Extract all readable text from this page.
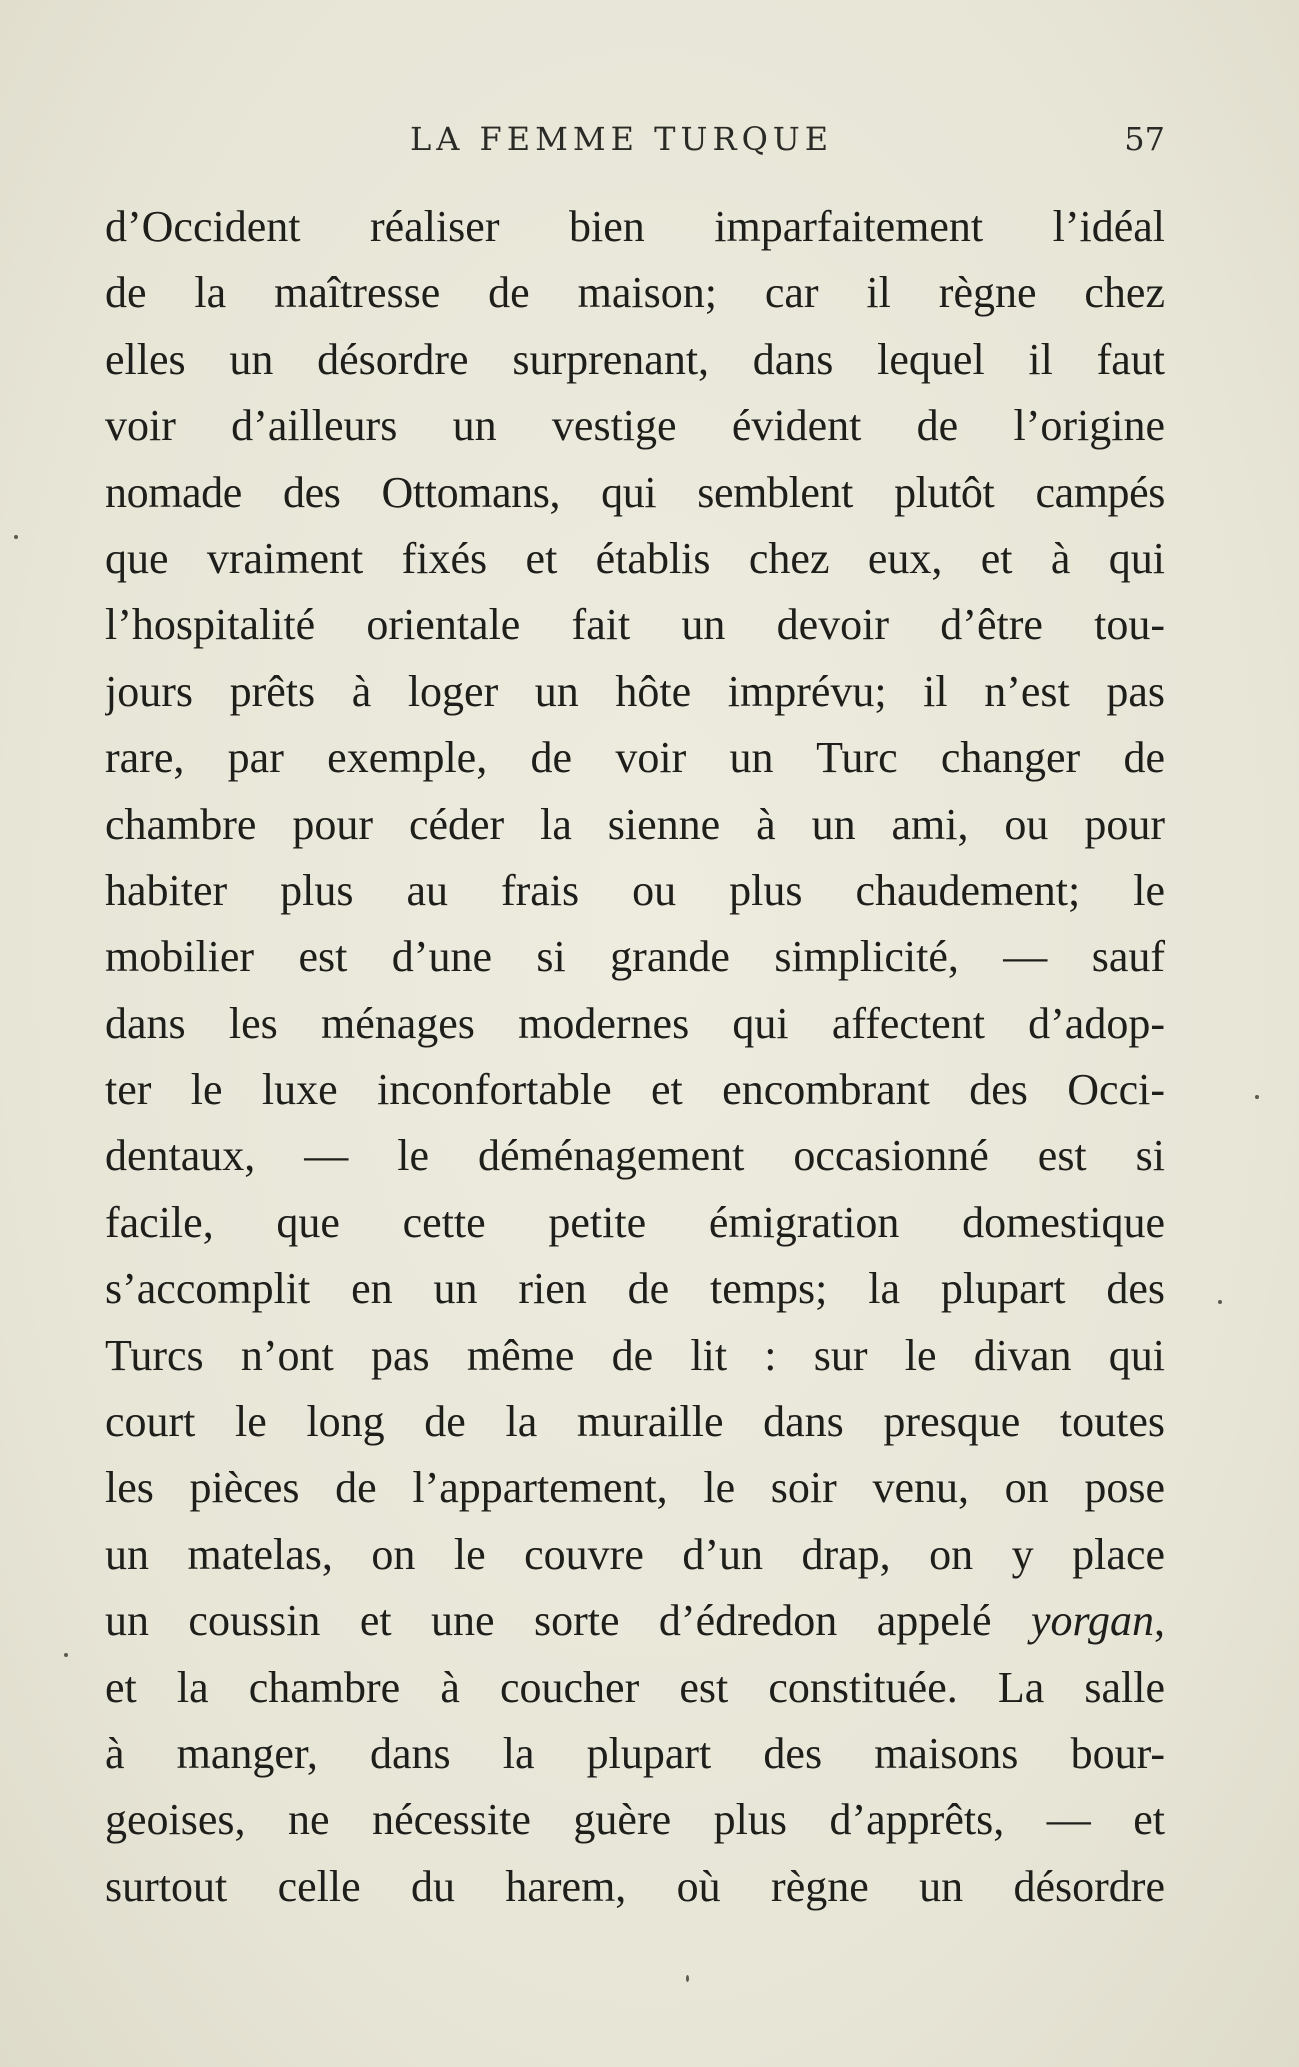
LA FEMME TURQUE	57
d’Occident réaliser bien imparfaitement l’idéal
de la maîtresse de maison; car il règne chez
elles un désordre surprenant, dans lequel il faut
voir d’ailleurs un vestige évident de l’origine
nomade des Ottomans, qui semblent plutôt campés
que vraiment fixés et établis chez eux, et à qui
l’hospitalité orientale fait un devoir d’être tou-
jours prêts à loger un hôte imprévu; il n’est pas
rare, par exemple, de voir un Turc changer de
chambre pour céder la sienne à un ami, ou pour
habiter plus au frais ou plus chaudement; le
mobilier est d’une si grande simplicité, — sauf
dans les ménages modernes qui affectent d’adop-
ter le luxe inconfortable et encombrant des Occi-
dentaux, — le déménagement occasionné est si
facile, que cette petite émigration domestique
s’accomplit en un rien de temps; la plupart des
Turcs n’ont pas même de lit : sur le divan qui
court le long de la muraille dans presque toutes
les pièces de l’appartement, le soir venu, on pose
un matelas, on le couvre d’un drap, on y place
un coussin et une sorte d’édredon appelé yorgan,
et la chambre à coucher est constituée. La salle
à manger, dans la plupart des maisons bour-
geoises, ne nécessite guère plus d’apprêts, — et
surtout celle du harem, où règne un désordre
